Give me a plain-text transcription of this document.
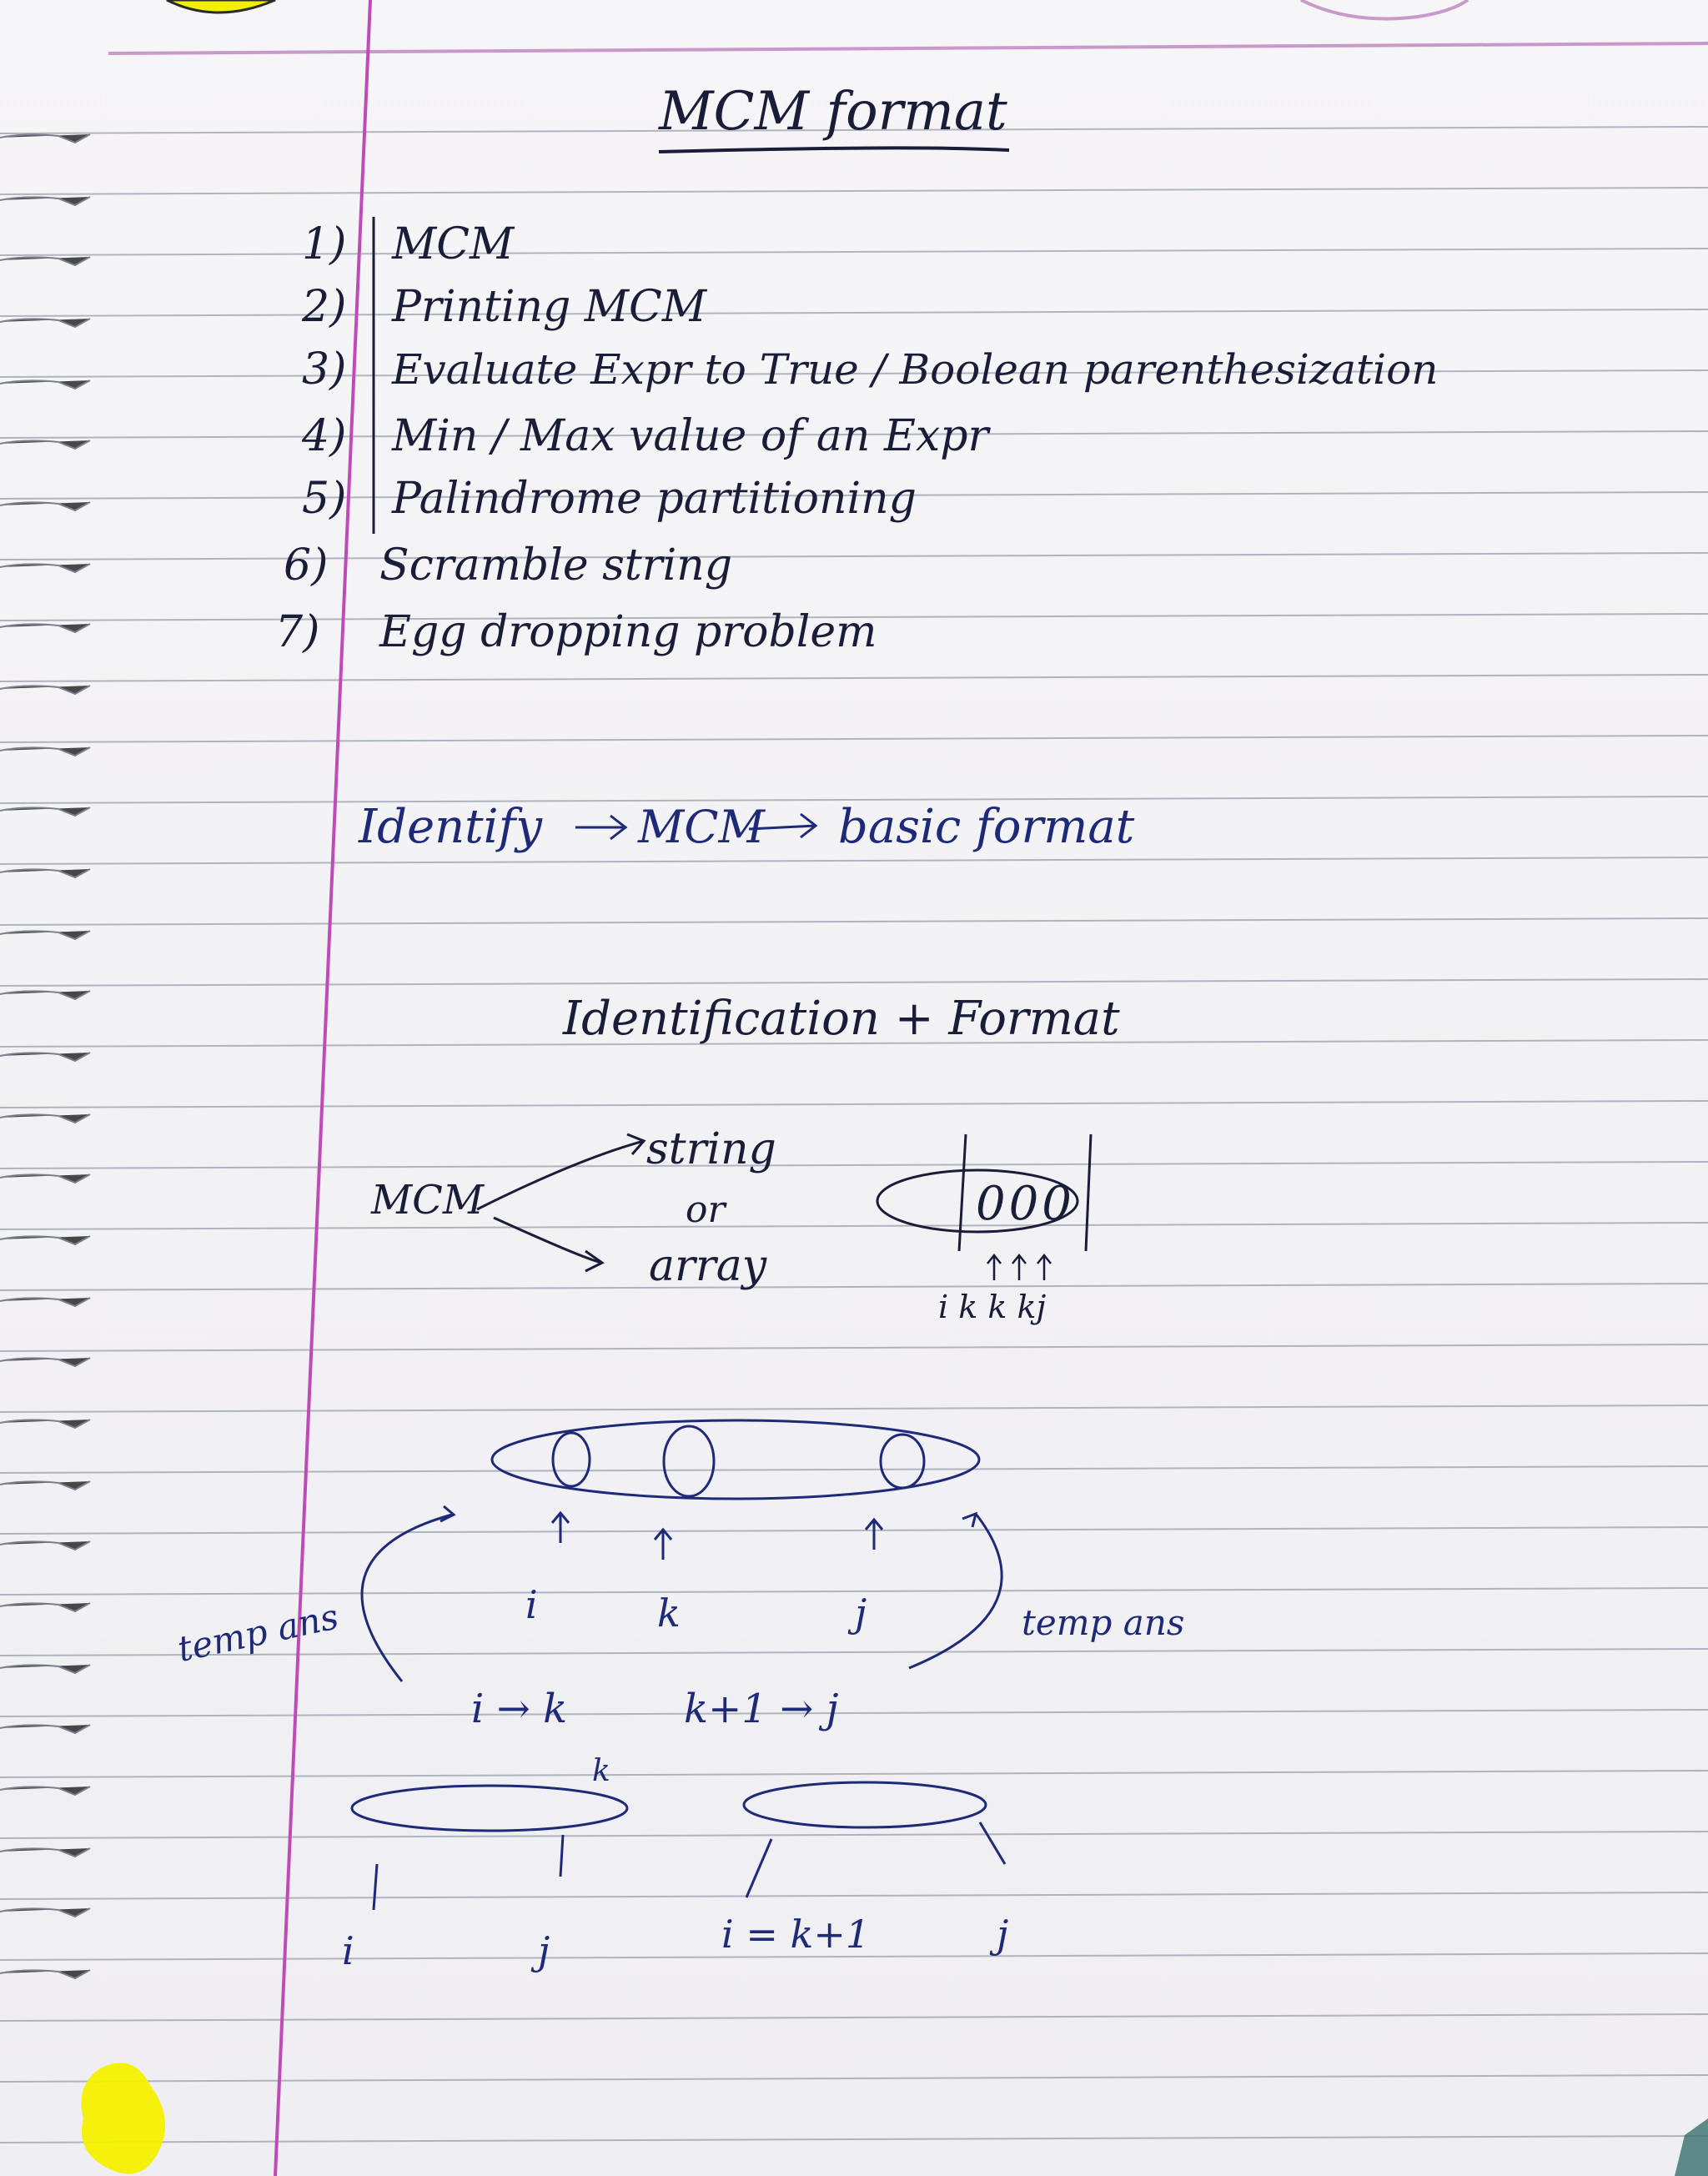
MCM format
1) MCM
2) Printing MCM
3) Evaluate Expr to True / Boolean parenthesization
4) Min / Max value of an Expr
5) Palindrome partitioning
6) Scramble string
7) Egg dropping problem
Identify MCM basic format
Identification + Format
MCM
string
or
array
000
i k k kj
i	k	j
temp ans	temp ans
i → k	k+1 → j
k
i	j	i = k+1	j
